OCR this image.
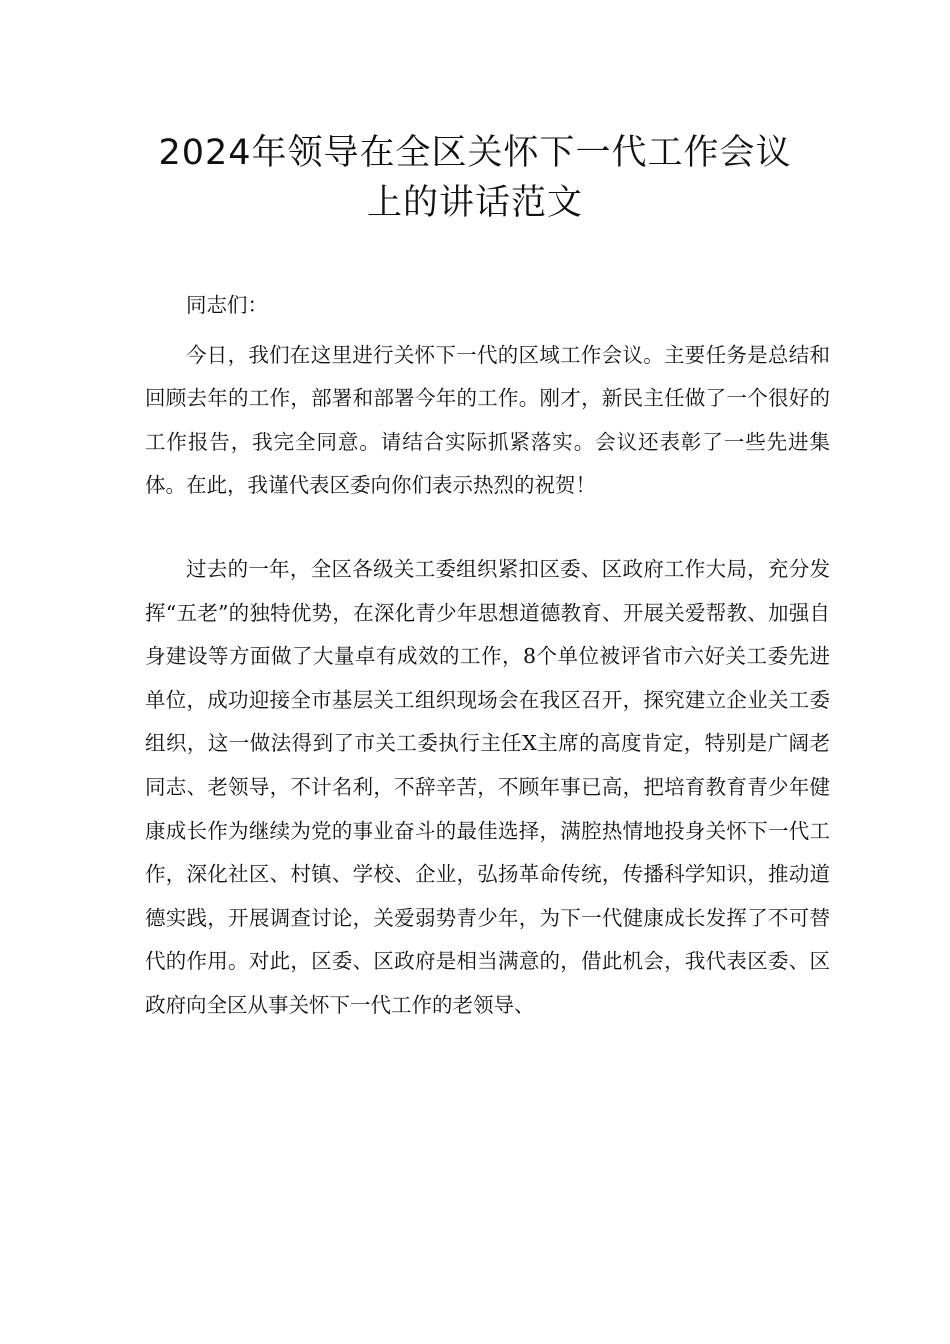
2024年领导在全区关怀下一代工作会议
上的讲话范文

同志们：

今日，我们在这里进行关怀下一代的区域工作会议。主要任务是总结和回顾去年的工作，部署和部署今年的工作。刚才，新民主任做了一个很好的工作报告，我完全同意。请结合实际抓紧落实。会议还表彰了一些先进集体。在此，我谨代表区委向你们表示热烈的祝贺！

过去的一年，全区各级关工委组织紧扣区委、区政府工作大局，充分发挥“五老”的独特优势，在深化青少年思想道德教育、开展关爱帮教、加强自身建设等方面做了大量卓有成效的工作，8个单位被评省市六好关工委先进单位，成功迎接全市基层关工组织现场会在我区召开，探究建立企业关工委组织，这一做法得到了市关工委执行主任X主席的高度肯定，特别是广阔老同志、老领导，不计名利，不辞辛苦，不顾年事已高，把培育教育青少年健康成长作为继续为党的事业奋斗的最佳选择，满腔热情地投身关怀下一代工作，深化社区、村镇、学校、企业，弘扬革命传统，传播科学知识，推动道德实践，开展调查讨论，关爱弱势青少年，为下一代健康成长发挥了不可替代的作用。对此，区委、区政府是相当满意的，借此机会，我代表区委、区政府向全区从事关怀下一代工作的老领导、
